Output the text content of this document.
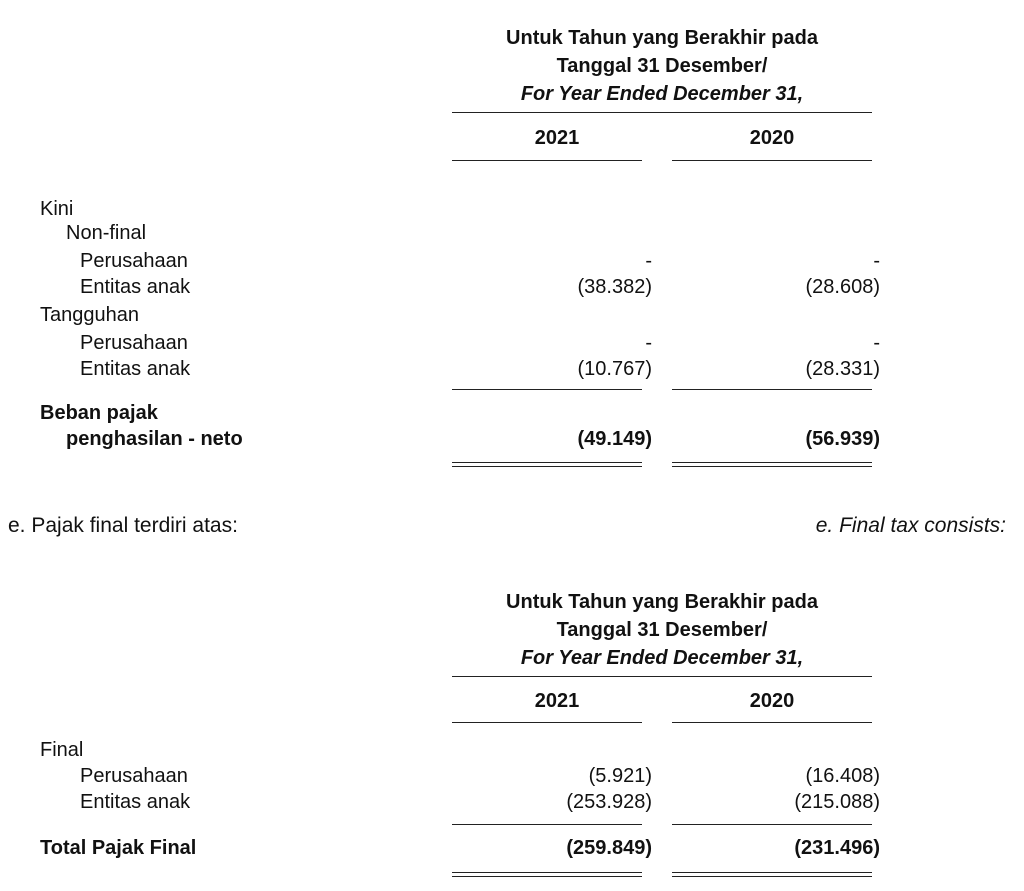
Untuk Tahun yang Berakhir pada
Tanggal 31 Desember/
For Year Ended December 31,
2021	2020
Kini
Non-final
Perusahaan	-	-
Entitas anak	(38.382)	(28.608)
Tangguhan
Perusahaan	-	-
Entitas anak	(10.767)	(28.331)
Beban pajak
penghasilan - neto	(49.149)	(56.939)
e. Pajak final terdiri atas:	e. Final tax consists:
Untuk Tahun yang Berakhir pada
Tanggal 31 Desember/
For Year Ended December 31,
2021	2020
Final
Perusahaan	(5.921)	(16.408)
Entitas anak	(253.928)	(215.088)
Total Pajak Final	(259.849)	(231.496)
